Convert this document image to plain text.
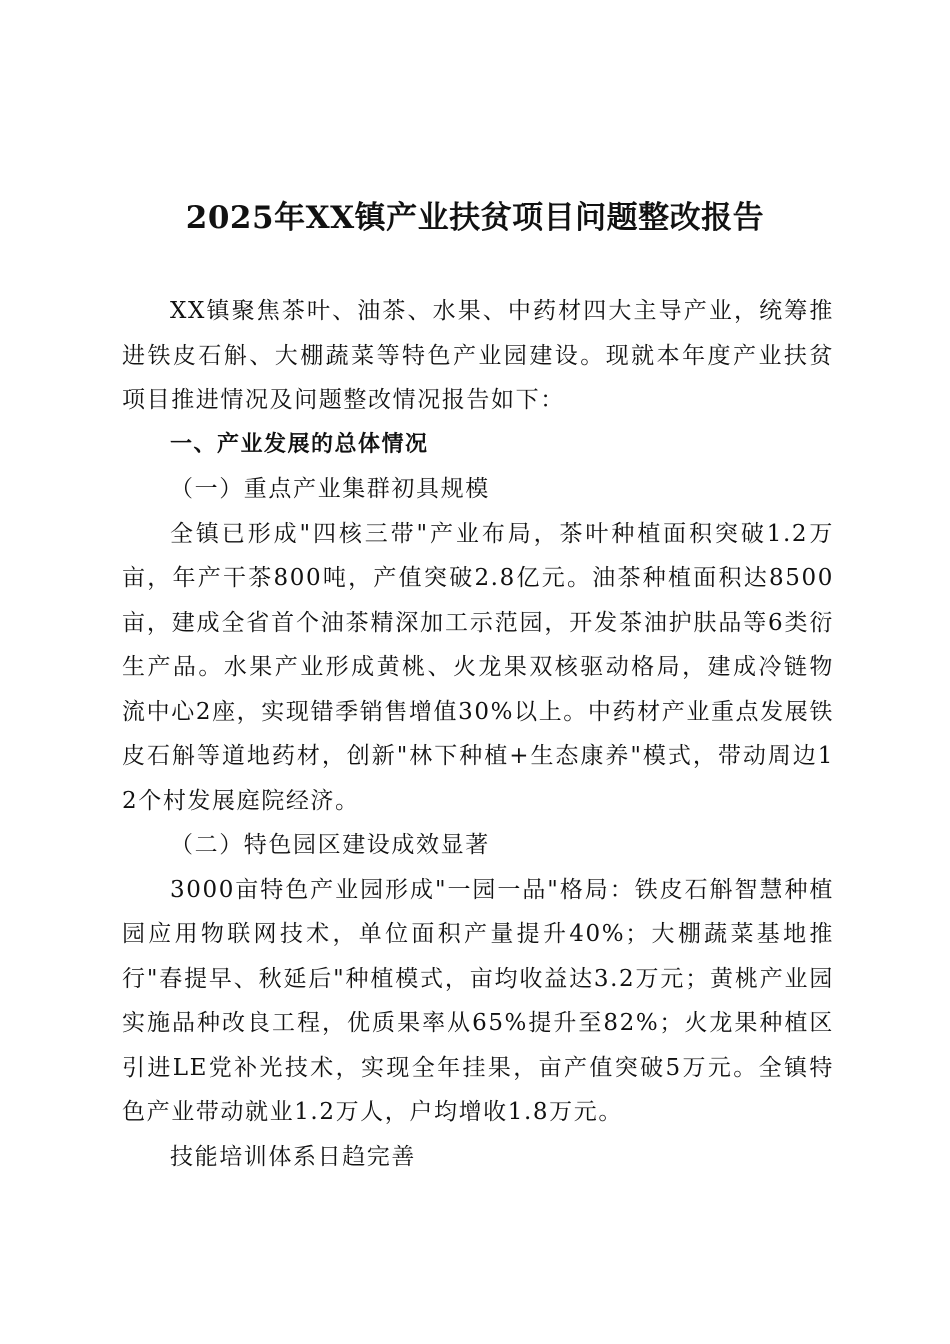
2025年XX镇产业扶贫项目问题整改报告

XX镇聚焦茶叶、油茶、水果、中药材四大主导产业，统筹推进铁皮石斛、大棚蔬菜等特色产业园建设。现就本年度产业扶贫项目推进情况及问题整改情况报告如下：

一、产业发展的总体情况

（一）重点产业集群初具规模

全镇已形成"四核三带"产业布局，茶叶种植面积突破1.2万亩，年产干茶800吨，产值突破2.8亿元。油茶种植面积达8500亩，建成全省首个油茶精深加工示范园，开发茶油护肤品等6类衍生产品。水果产业形成黄桃、火龙果双核驱动格局，建成冷链物流中心2座，实现错季销售增值30%以上。中药材产业重点发展铁皮石斛等道地药材，创新"林下种植+生态康养"模式，带动周边12个村发展庭院经济。

（二）特色园区建设成效显著

3000亩特色产业园形成"一园一品"格局：铁皮石斛智慧种植园应用物联网技术，单位面积产量提升40%；大棚蔬菜基地推行"春提早、秋延后"种植模式，亩均收益达3.2万元；黄桃产业园实施品种改良工程，优质果率从65%提升至82%；火龙果种植区引进LE党补光技术，实现全年挂果，亩产值突破5万元。全镇特色产业带动就业1.2万人，户均增收1.8万元。

技能培训体系日趋完善
